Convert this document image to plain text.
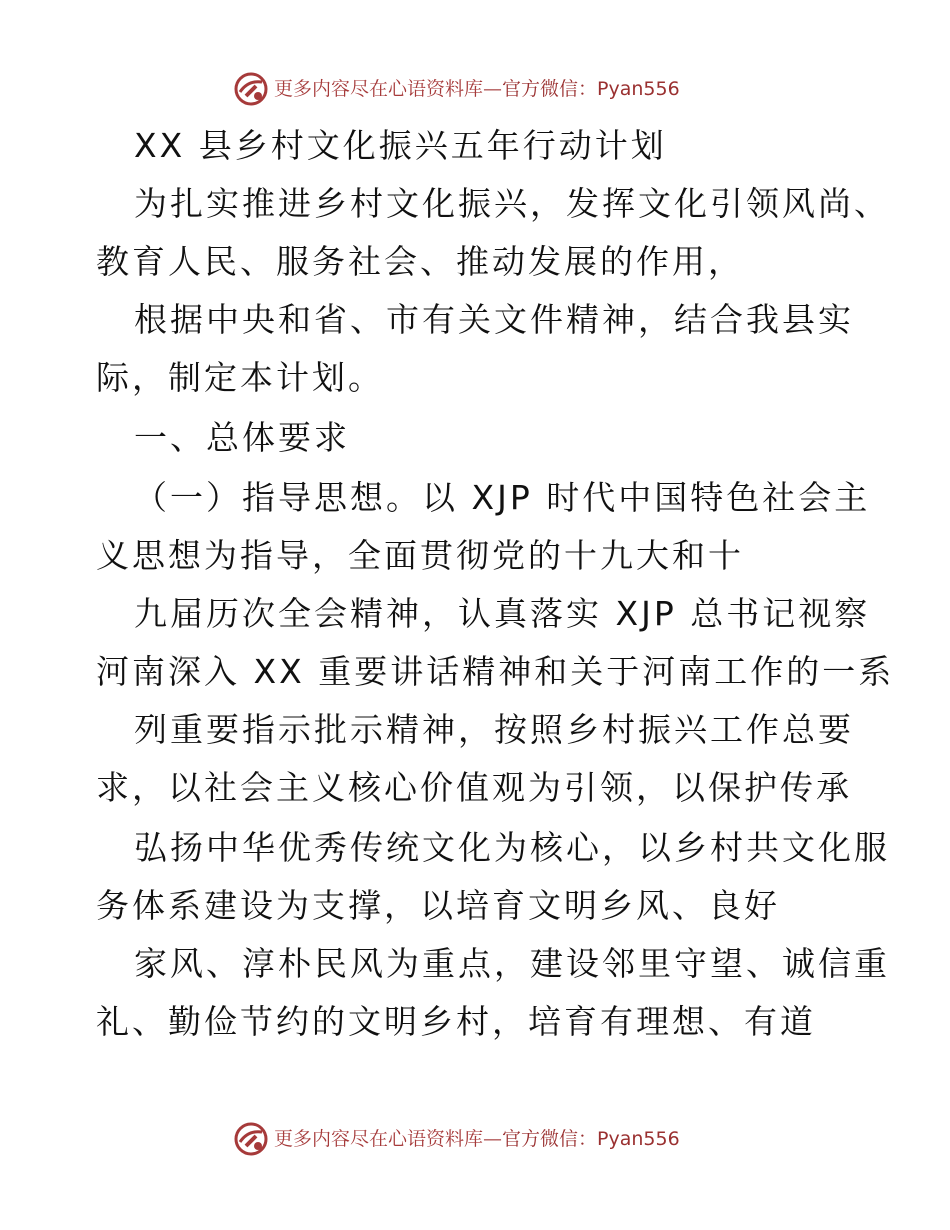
更多内容尽在心语资料库—官方微信：Pyan556
XX 县乡村文化振兴五年行动计划
为扎实推进乡村文化振兴，发挥文化引领风尚、
教育人民、服务社会、推动发展的作用，
根据中央和省、市有关文件精神，结合我县实
际，制定本计划。
一、总体要求
（一）指导思想。以 XJP 时代中国特色社会主
义思想为指导，全面贯彻党的十九大和十
九届历次全会精神，认真落实 XJP 总书记视察
河南深入 XX 重要讲话精神和关于河南工作的一系
列重要指示批示精神，按照乡村振兴工作总要
求，以社会主义核心价值观为引领，以保护传承
弘扬中华优秀传统文化为核心，以乡村共文化服
务体系建设为支撑，以培育文明乡风、良好
家风、淳朴民风为重点，建设邻里守望、诚信重
礼、勤俭节约的文明乡村，培育有理想、有道
更多内容尽在心语资料库—官方微信：Pyan556
